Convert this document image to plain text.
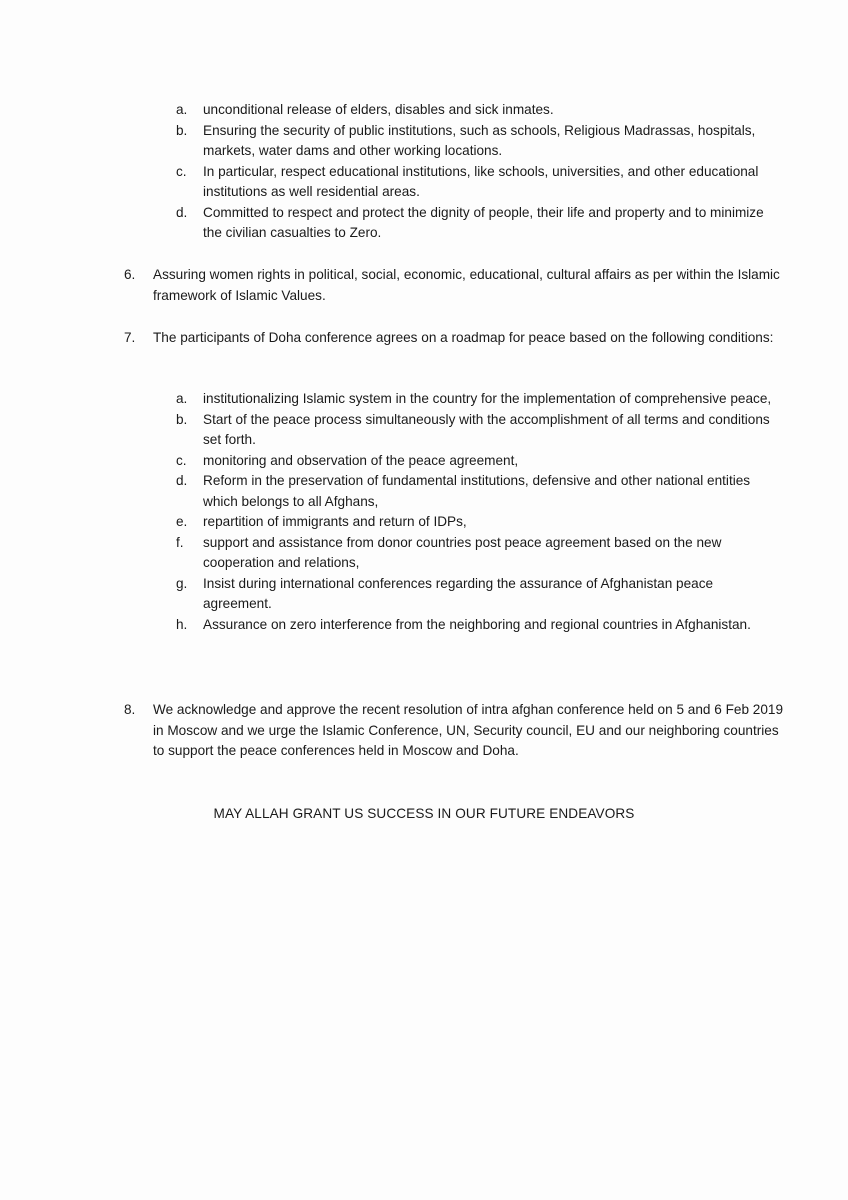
a. unconditional release of elders, disables and sick inmates.

b. Ensuring the security of public institutions, such as schools, Religious Madrassas, hospitals, markets, water dams and other working locations.

c. In particular, respect educational institutions, like schools, universities, and other educational institutions as well residential areas.

d. Committed to respect and protect the dignity of people, their life and property and to minimize the civilian casualties to Zero.

6. Assuring women rights in political, social, economic, educational, cultural affairs as per within the Islamic framework of Islamic Values.
7. The participants of Doha conference agrees on a roadmap for peace based on the following conditions:

a. institutionalizing Islamic system in the country for the implementation of comprehensive peace,

b. Start of the peace process simultaneously with the accomplishment of all terms and conditions set forth.

c. monitoring and observation of the peace agreement,

d. Reform in the preservation of fundamental institutions, defensive and other national entities which belongs to all Afghans,

e. repartition of immigrants and return of IDPs,

f. support and assistance from donor countries post peace agreement based on the new cooperation and relations,

g. Insist during international conferences regarding the assurance of Afghanistan peace agreement.

h. Assurance on zero interference from the neighboring and regional countries in Afghanistan.

8. We acknowledge and approve the recent resolution of intra afghan conference held on 5 and 6 Feb 2019 in Moscow and we urge the Islamic Conference, UN, Security council, EU and our neighboring countries to support the peace conferences held in Moscow and Doha.
MAY ALLAH GRANT US SUCCESS IN OUR FUTURE ENDEAVORS
